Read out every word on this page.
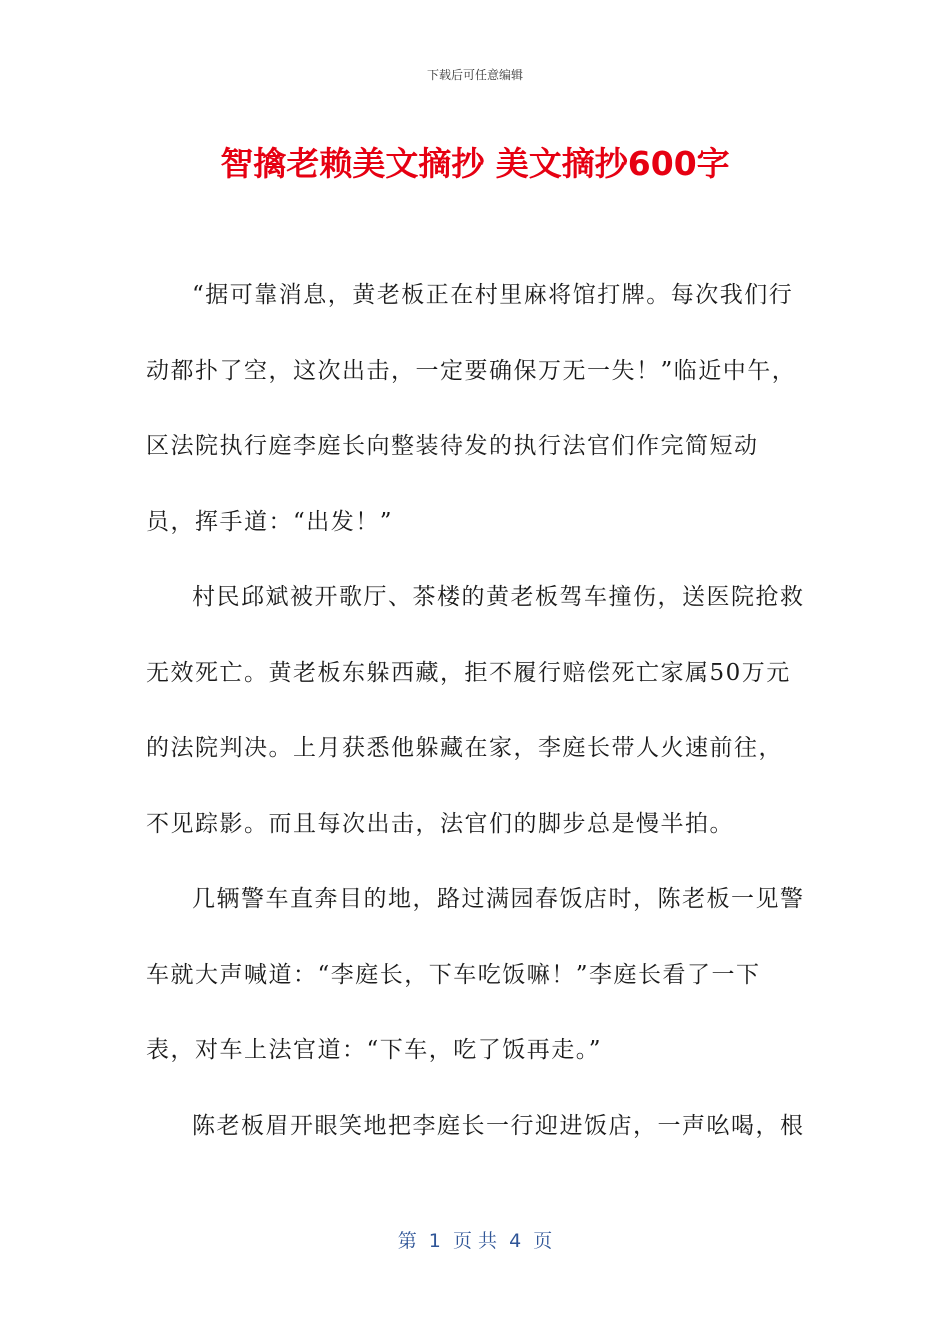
下载后可任意编辑
智擒老赖美文摘抄 美文摘抄600字

“据可靠消息，黄老板正在村里麻将馆打牌。每次我们行动都扑了空，这次出击，一定要确保万无一失！”临近中午，区法院执行庭李庭长向整装待发的执行法官们作完简短动员，挥手道：“出发！”

村民邱斌被开歌厅、茶楼的黄老板驾车撞伤，送医院抢救无效死亡。黄老板东躲西藏，拒不履行赔偿死亡家属50万元的法院判决。上月获悉他躲藏在家，李庭长带人火速前往，不见踪影。而且每次出击，法官们的脚步总是慢半拍。

几辆警车直奔目的地，路过满园春饭店时，陈老板一见警车就大声喊道：“李庭长，下车吃饭嘛！”李庭长看了一下表，对车上法官道：“下车，吃了饭再走。”

陈老板眉开眼笑地把李庭长一行迎进饭店，一声吆喝，根

第  1  页 共  4  页
